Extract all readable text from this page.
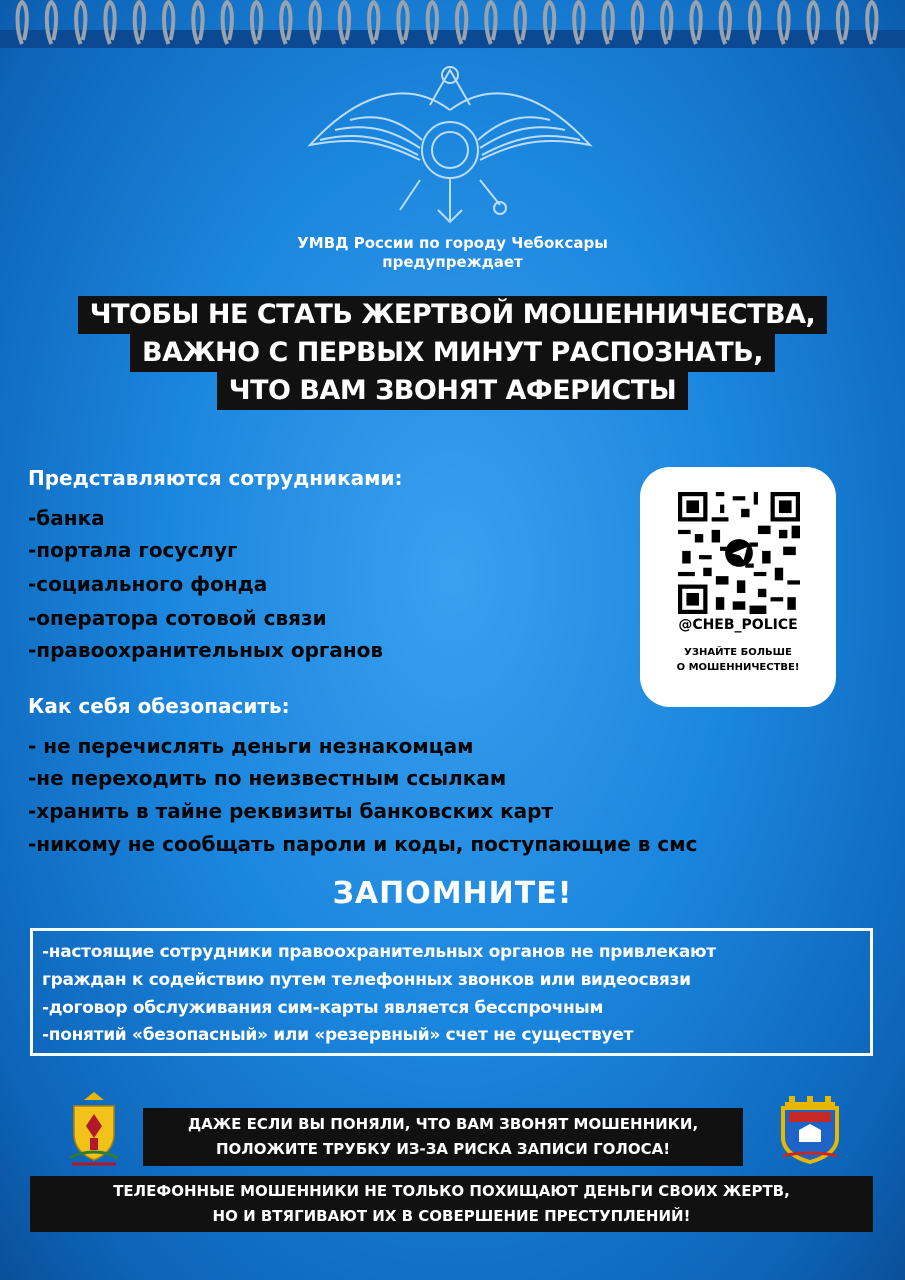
УМВД России по городу Чебоксары
предупреждает
ЧТОБЫ НЕ СТАТЬ ЖЕРТВОЙ МОШЕННИЧЕСТВА,
ВАЖНО С ПЕРВЫХ МИНУТ РАСПОЗНАТЬ,
ЧТО ВАМ ЗВОНЯТ АФЕРИСТЫ
Представляются сотрудниками:
-банка
-портала госуслуг
-социального фонда
-оператора сотовой связи
-правоохранительных органов
@CHEB_POLICE
УЗНАЙТЕ БОЛЬШЕ
О МОШЕННИЧЕСТВЕ!
Как себя обезопасить:
- не перечислять деньги незнакомцам
-не переходить по неизвестным ссылкам
-хранить в тайне реквизиты банковских карт
-никому не сообщать пароли и коды, поступающие в смс
ЗАПОМНИТЕ!
-настоящие сотрудники правоохранительных органов не привлекают
граждан к содействию путем телефонных звонков или видеосвязи
-договор обслуживания сим-карты является бесспрочным
-понятий «безопасный» или «резервный» счет не существует
ДАЖЕ ЕСЛИ ВЫ ПОНЯЛИ, ЧТО ВАМ ЗВОНЯТ МОШЕННИКИ,
ПОЛОЖИТЕ ТРУБКУ ИЗ-ЗА РИСКА ЗАПИСИ ГОЛОСА!
ТЕЛЕФОННЫЕ МОШЕННИКИ НЕ ТОЛЬКО ПОХИЩАЮТ ДЕНЬГИ СВОИХ ЖЕРТВ,
НО И ВТЯГИВАЮТ ИХ В СОВЕРШЕНИЕ ПРЕСТУПЛЕНИЙ!
